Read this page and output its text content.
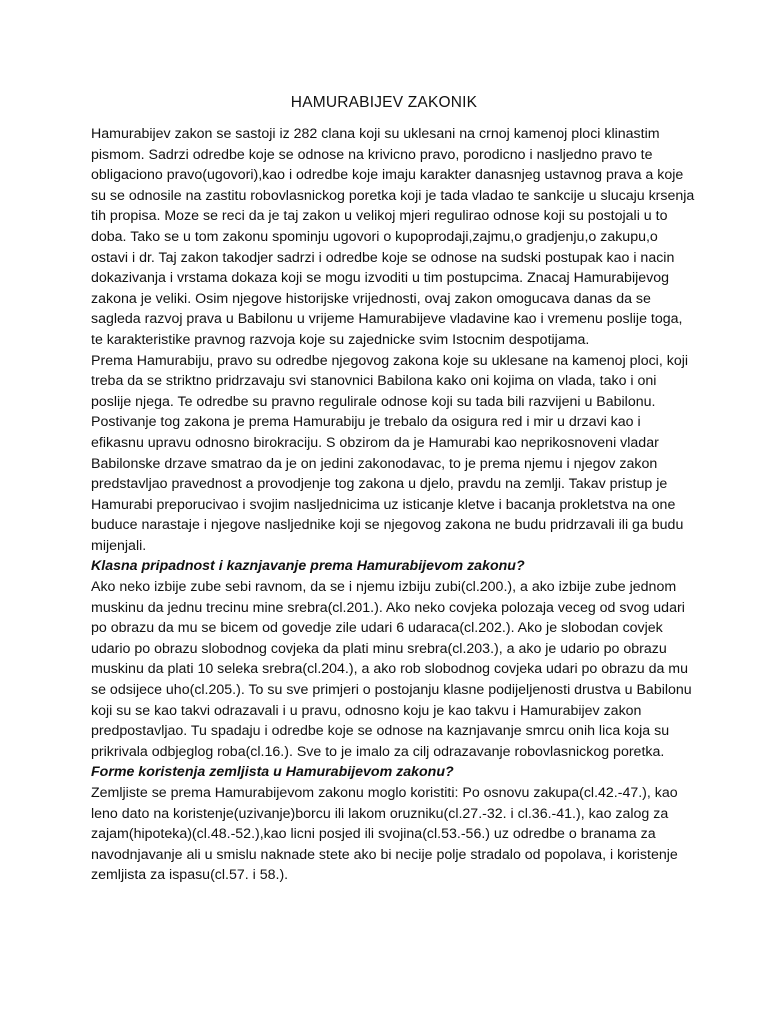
HAMURABIJEV ZAKONIK
Hamurabijev zakon se sastoji iz 282 clana koji su uklesani na crnoj kamenoj ploci klinastim
pismom. Sadrzi odredbe koje se odnose na krivicno pravo, porodicno i nasljedno pravo te
obligaciono pravo(ugovori),kao i odredbe koje imaju karakter danasnjeg ustavnog prava a koje
su se odnosile na zastitu robovlasnickog poretka koji je tada vladao te sankcije u slucaju krsenja
tih propisa. Moze se reci da je taj zakon u velikoj mjeri regulirao odnose koji su postojali u to
doba. Tako se u tom zakonu spominju ugovori o kupoprodaji,zajmu,o gradjenju,o zakupu,o
ostavi i dr. Taj zakon takodjer sadrzi i odredbe koje se odnose na sudski postupak kao i nacin
dokazivanja i vrstama dokaza koji se mogu izvoditi u tim postupcima. Znacaj Hamurabijevog
zakona je veliki. Osim njegove historijske vrijednosti, ovaj zakon omogucava danas da se
sagleda razvoj prava u Babilonu u vrijeme Hamurabijeve vladavine kao i vremenu poslije toga,
te karakteristike pravnog razvoja koje su zajednicke svim Istocnim despotijama.
Prema Hamurabiju, pravo su odredbe njegovog zakona koje su uklesane na kamenoj ploci, koji
treba da se striktno pridrzavaju svi stanovnici Babilona kako oni kojima on vlada, tako i oni
poslije njega. Te odredbe su pravno regulirale odnose koji su tada bili razvijeni u Babilonu.
Postivanje tog zakona je prema Hamurabiju je trebalo da osigura red i mir u drzavi kao i
efikasnu upravu odnosno birokraciju. S obzirom da je Hamurabi kao neprikosnoveni vladar
Babilonske drzave smatrao da je on jedini zakonodavac, to je prema njemu i njegov zakon
predstavljao pravednost a provodjenje tog zakona u djelo, pravdu na zemlji. Takav pristup je
Hamurabi preporucivao i svojim nasljednicima uz isticanje kletve i bacanja prokletstva na one
buduce narastaje i njegove nasljednike koji se njegovog zakona ne budu pridrzavali ili ga budu
mijenjali.
Klasna pripadnost i kaznjavanje prema Hamurabijevom zakonu?
Ako neko izbije zube sebi ravnom, da se i njemu izbiju zubi(cl.200.), a ako izbije zube jednom
muskinu da jednu trecinu mine srebra(cl.201.). Ako neko covjeka polozaja veceg od svog udari
po obrazu da mu se bicem od govedje zile udari 6 udaraca(cl.202.). Ako je slobodan covjek
udario po obrazu slobodnog covjeka da plati minu srebra(cl.203.), a ako je udario po obrazu
muskinu da plati 10 seleka srebra(cl.204.), a ako rob slobodnog covjeka udari po obrazu da mu
se odsijece uho(cl.205.). To su sve primjeri o postojanju klasne podijeljenosti drustva u Babilonu
koji su se kao takvi odrazavali i u pravu, odnosno koju je kao takvu i Hamurabijev zakon
predpostavljao. Tu spadaju i odredbe koje se odnose na kaznjavanje smrcu onih lica koja su
prikrivala odbjeglog roba(cl.16.). Sve to je imalo za cilj odrazavanje robovlasnickog poretka.
Forme koristenja zemljista u Hamurabijevom zakonu?
Zemljiste se prema Hamurabijevom zakonu moglo koristiti: Po osnovu zakupa(cl.42.-47.), kao
leno dato na koristenje(uzivanje)borcu ili lakom oruzniku(cl.27.-32. i cl.36.-41.), kao zalog za
zajam(hipoteka)(cl.48.-52.),kao licni posjed ili svojina(cl.53.-56.) uz odredbe o branama za
navodnjavanje ali u smislu naknade stete ako bi necije polje stradalo od popolava, i koristenje
zemljista za ispasu(cl.57. i 58.).
